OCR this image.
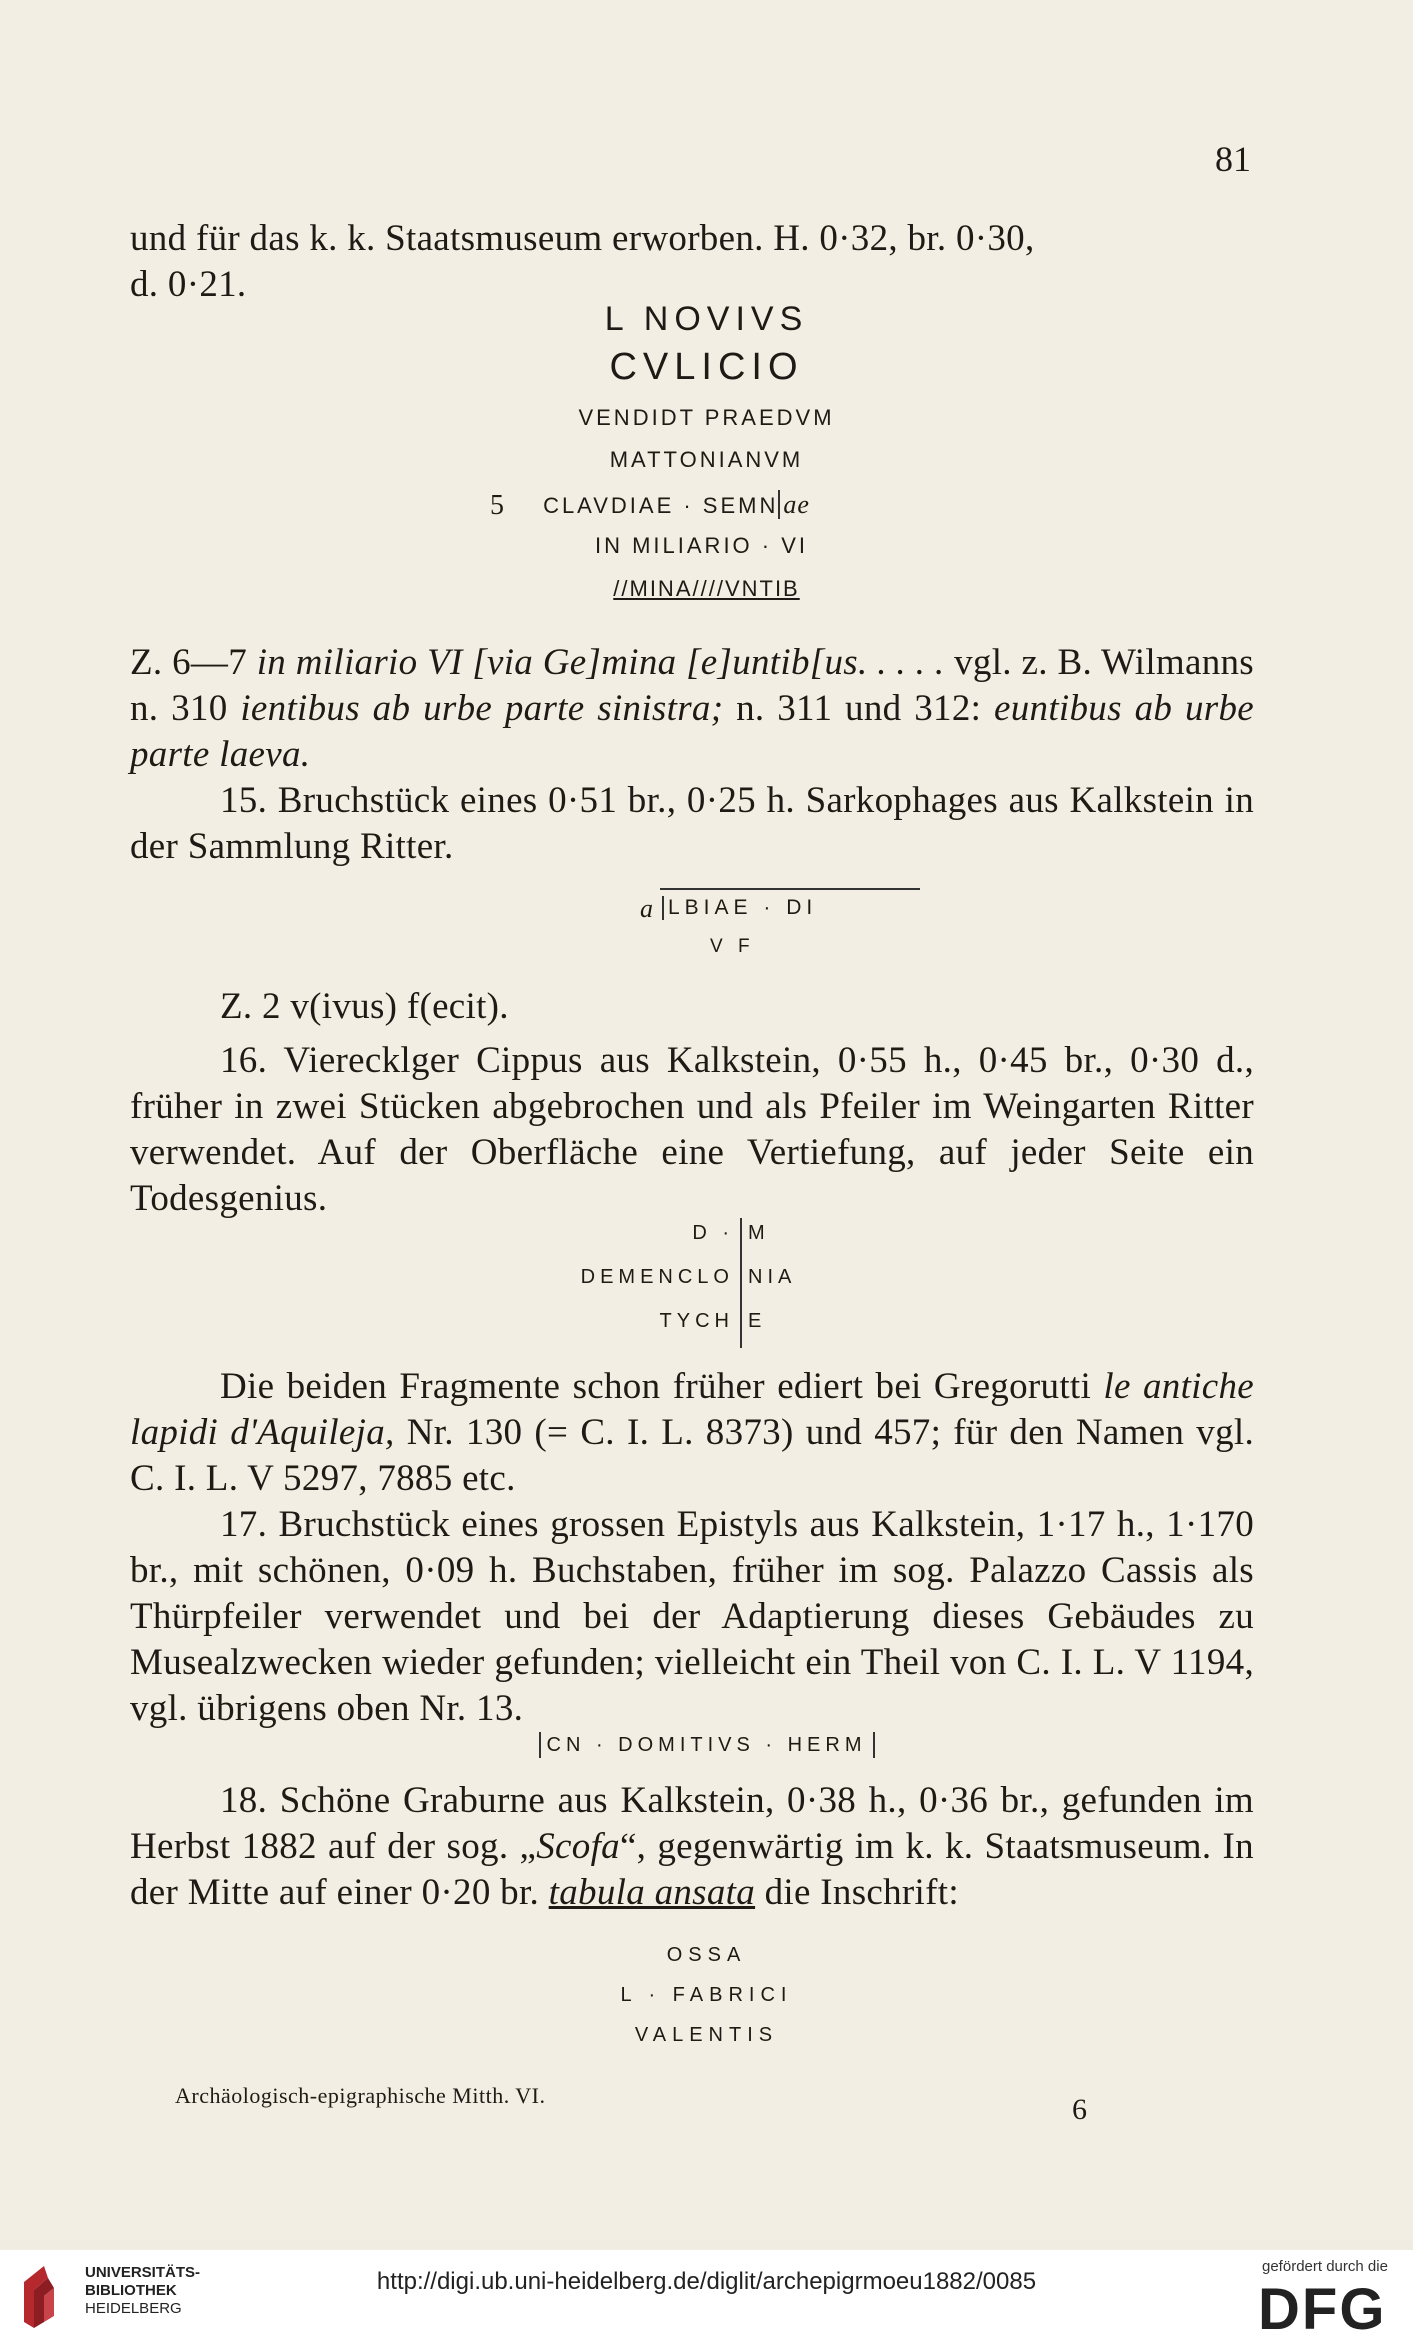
81

und für das k. k. Staatsmuseum erworben. H. 0·32, br. 0·30,

d. 0·21.

L NOVIVS
CVLICIO
VENDIDT PRAEDVM
MATTONIANVM
CLAVDIAE · SEMN ae
IN MILIARIO · VI
//MINA////VNTIB
5

Z. 6—7 in miliario VI [via Ge]mina [e]untib[us. . . . . vgl. z. B. Wilmanns n. 310 ientibus ab urbe parte sinistra; n. 311 und 312: euntibus ab urbe parte laeva.

15. Bruchstück eines 0·51 br., 0·25 h. Sarkophages aus Kalkstein in der Sammlung Ritter.

a LBIAE · DI
V F

Z. 2 v(ivus) f(ecit).

16. Vierecklger Cippus aus Kalkstein, 0·55 h., 0·45 br., 0·30 d., früher in zwei Stücken abgebrochen und als Pfeiler im Weingarten Ritter verwendet. Auf der Oberfläche eine Vertiefung, auf jeder Seite ein Todesgenius.

D ·
DEMENCLO
TYCH
M
NIA
E

Die beiden Fragmente schon früher ediert bei Gregorutti le antiche lapidi d'Aquileja, Nr. 130 (= C. I. L. 8373) und 457; für den Namen vgl. C. I. L. V 5297, 7885 etc.

17. Bruchstück eines grossen Epistyls aus Kalkstein, 1·17 h., 1·170 br., mit schönen, 0·09 h. Buchstaben, früher im sog. Palazzo Cassis als Thürpfeiler verwendet und bei der Adaptierung dieses Gebäudes zu Musealzwecken wieder gefunden; vielleicht ein Theil von C. I. L. V 1194, vgl. übrigens oben Nr. 13.

CN · DOMITIVS · HERM

18. Schöne Graburne aus Kalkstein, 0·38 h., 0·36 br., gefunden im Herbst 1882 auf der sog. „Scofa“, gegenwärtig im k. k. Staatsmuseum. In der Mitte auf einer 0·20 br. tabula ansata die Inschrift:

OSSA
L · FABRICI
VALENTIS
Archäologisch-epigraphische Mitth. VI.	6
http://digi.ub.uni-heidelberg.de/diglit/archepigrmoeu1882/0085
gefördert durch die
DFG
UNIVERSITÄTS-
BIBLIOTHEK
HEIDELBERG
